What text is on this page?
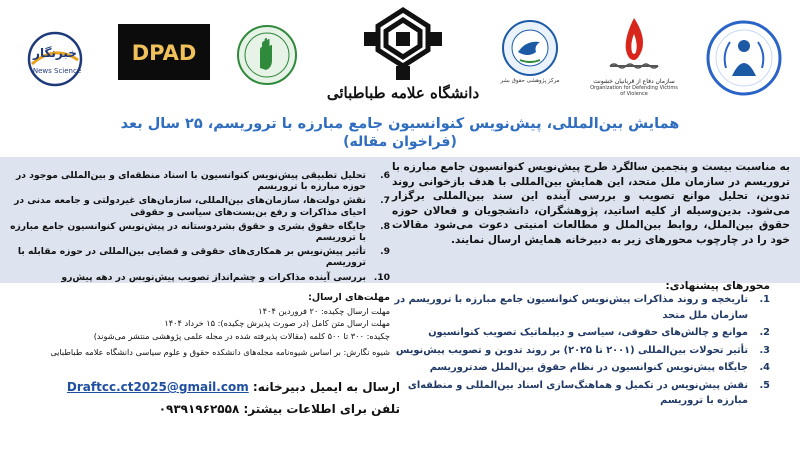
خبرنگار
News Science
DPAD
دانشگاه علامه طباطبائی
مرکز پژوهشی حقوق بشر	سازمان دفاع از قربانیان خشونت
Organization for Defending Victims of Violence
همایش بین‌المللی، پیش‌نویس کنوانسیون جامع مبارزه با تروریسم، ۲۵ سال بعد
(فراخوان مقاله)

به مناسبت بیست و پنجمین سالگرد طرح پیش‌نویس کنوانسیون جامع مبارزه با تروریسم در سازمان ملل متحد، این همایش بین‌المللی با هدف بازخوانی روند تدوین، تحلیل موانع تصویب و بررسی آینده این سند بین‌المللی برگزار می‌شود. بدین‌وسیله از کلیه اساتید، پژوهشگران، دانشجویان و فعالان حوزه حقوق بین‌الملل، روابط بین‌الملل و مطالعات امنیتی دعوت می‌شود مقالات خود را در چارچوب محورهای زیر به دبیرخانه همایش ارسال نمایند.

محورهای پیشنهادی:
1.
تاریخچه و روند مذاکرات پیش‌نویس کنوانسیون جامع مبارزه با تروریسم در سازمان ملل متحد
2.
موانع و چالش‌های حقوقی، سیاسی و دیپلماتیک تصویب کنوانسیون
3.
تأثیر تحولات بین‌المللی (۲۰۰۱ تا ۲۰۲۵) بر روند تدوین و تصویب پیش‌نویس
4.
جایگاه پیش‌نویس کنوانسیون در نظام حقوق بین‌الملل ضدتروریسم
5.
نقش پیش‌نویس در تکمیل و هماهنگ‌سازی اسناد بین‌المللی و منطقه‌ای مبارزه با تروریسم
6.
تحلیل تطبیقی پیش‌نویس کنوانسیون با اسناد منطقه‌ای و بین‌المللی موجود در حوزه مبارزه با تروریسم
7.
نقش دولت‌ها، سازمان‌های بین‌المللی، سازمان‌های غیردولتی و جامعه مدنی در احیای مذاکرات و رفع بن‌بست‌های سیاسی و حقوقی
8.
جایگاه حقوق بشری و حقوق بشردوستانه در پیش‌نویس کنوانسیون جامع مبارزه با تروریسم
9.
تأثیر پیش‌نویس بر همکاری‌های حقوقی و قضایی بین‌المللی در حوزه مقابله با تروریسم
10.
بررسی آینده مذاکرات و چشم‌انداز تصویب پیش‌نویس در دهه پیش‌رو
مهلت‌های ارسال:
مهلت ارسال چکیده: ۲۰ فروردین ۱۴۰۴
مهلت ارسال متن کامل (در صورت پذیرش چکیده): ۱۵ خرداد ۱۴۰۴
چکیده: ۳۰۰ تا ۵۰۰ کلمه (مقالات پذیرفته شده در مجله علمی پژوهشی منتشر می‌شوند)
شیوه نگارش: بر اساس شیوه‌نامه مجله‌های دانشکده حقوق و علوم سیاسی دانشگاه علامه طباطبایی
ارسال به ایمیل دبیرخانه: Draftcc.ct2025@gmail.com
تلفن برای اطلاعات بیشتر: ۰۹۳۹۱۹۶۲۵۵۸
